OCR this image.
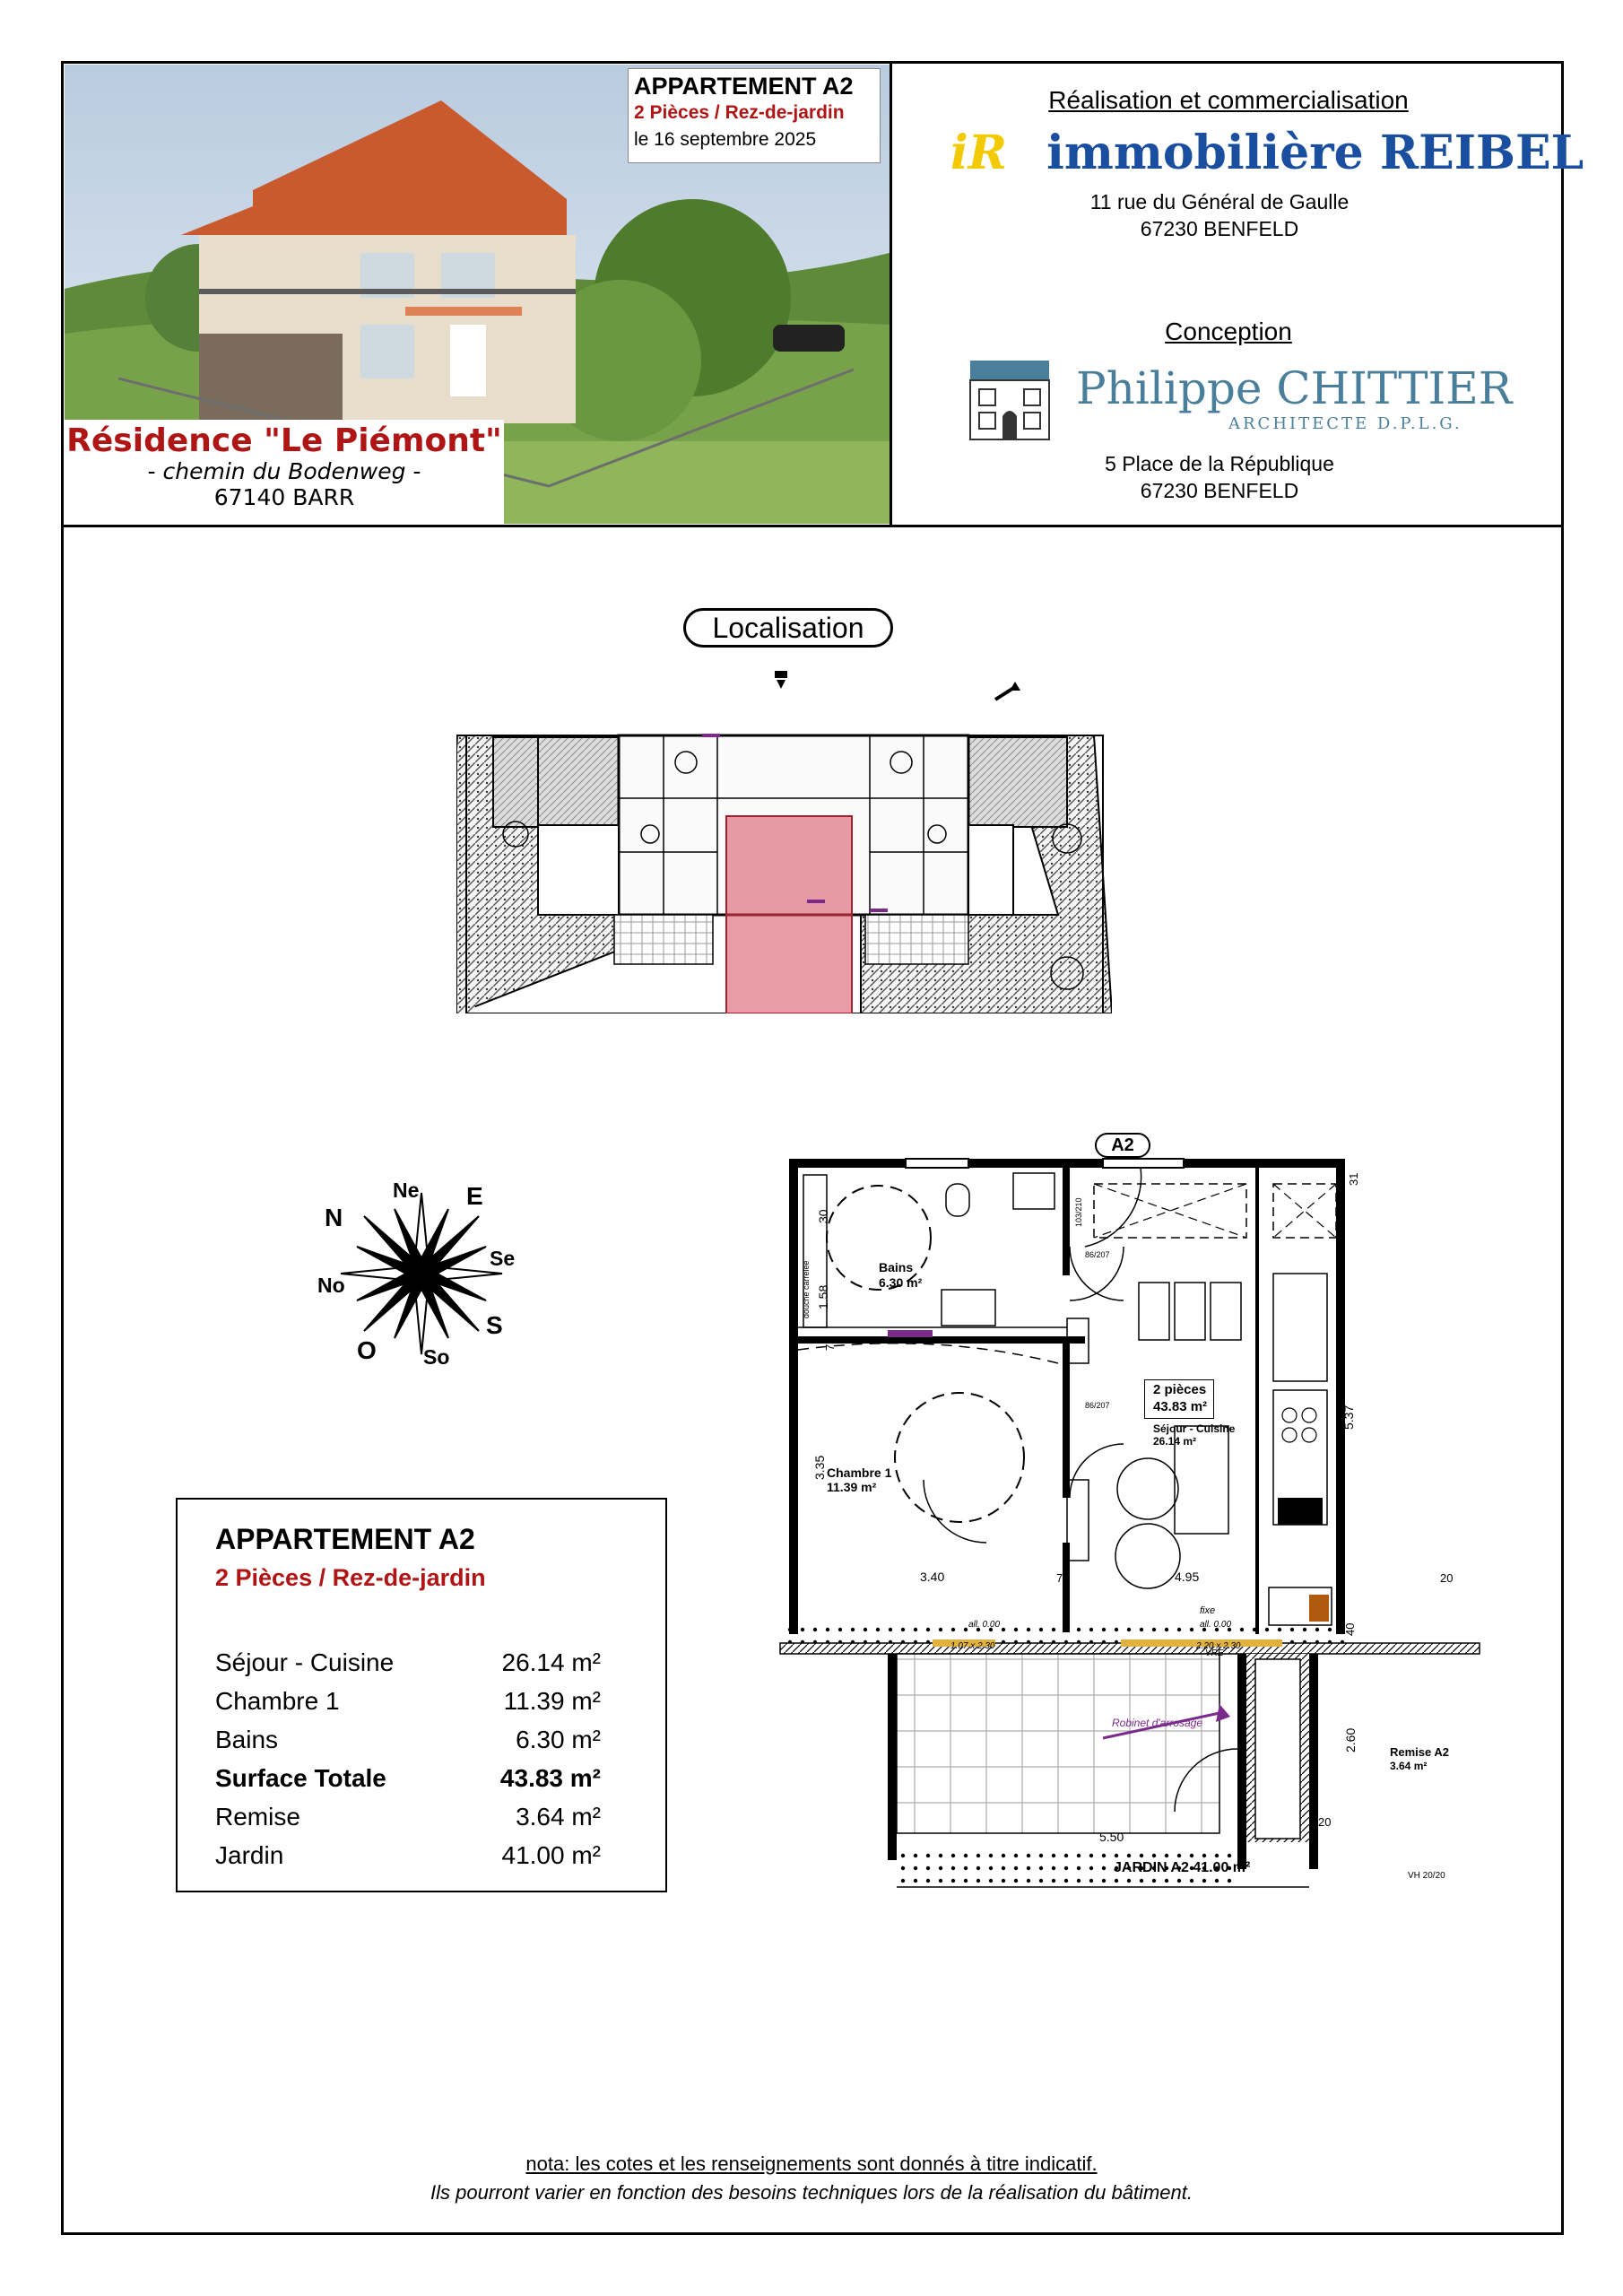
APPARTEMENT A2
2 Pièces / Rez-de-jardin
le 16 septembre 2025
Résidence "Le Piémont"
- chemin du Bodenweg -
67140 BARR
Réalisation et commercialisation
iR immobilière REIBEL
11 rue du Général de Gaulle
67230 BENFELD
Conception
Philippe CHITTIER
ARCHITECTE D.P.L.G.
5 Place de la République
67230 BENFELD
Localisation
N
Ne E
Se
S
So
O
No
APPARTEMENT A2
2 Pièces / Rez-de-jardin
Séjour - Cuisine	26.14 m²
Chambre 1	11.39 m²
Bains	6.30 m²
Surface Totale	43.83 m²
Remise	3.64 m²
Jardin	41.00 m²
A2
Bains
6.30 m²
Chambre 1
11.39 m²
2 pièces
43.83 m²
Séjour - Cuisine
26.14 m²
Remise A2
3.64 m²
Robinet d'arrosage
JARDIN A2 41.00 m²
fixe
VRE
all. 0.00	all. 0.00
1.07 x 2.30	2.20 x 2.30
103/210
86/207
86/207
douche carrelée
VH 20/20
30
1.58
3.35
3.40	4.95
5.37
2.60
5.50
20
20
40
31
7
7
nota: les cotes et les renseignements sont donnés à titre indicatif.
Ils pourront varier en fonction des besoins techniques lors de la réalisation du bâtiment.
